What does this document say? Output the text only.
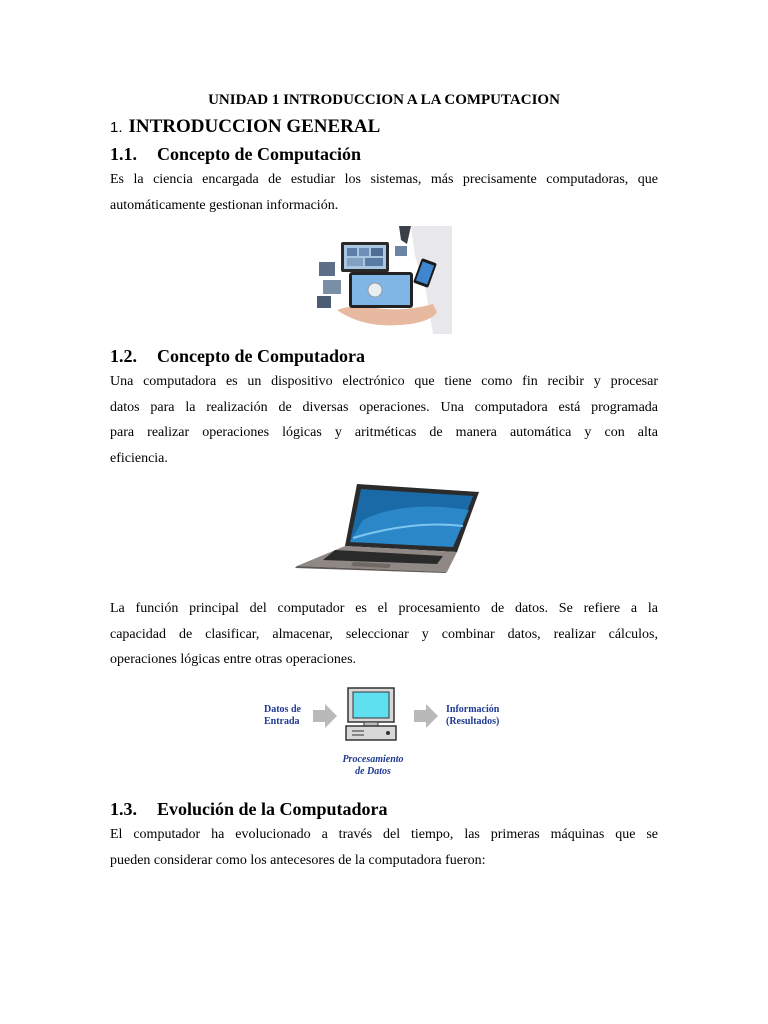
UNIDAD 1 INTRODUCCION A LA COMPUTACION
1. INTRODUCCION GENERAL
1.1. Concepto de Computación
Es la ciencia encargada de estudiar los sistemas, más precisamente computadoras, que
automáticamente gestionan información.
1.2. Concepto de Computadora
Una computadora es un dispositivo electrónico que tiene como fin recibir y procesar
datos para la realización de diversas operaciones. Una computadora está programada
para realizar operaciones lógicas y aritméticas de manera automática y con alta
eficiencia.
La función principal del computador es el procesamiento de datos. Se refiere a la
capacidad de clasificar, almacenar, seleccionar y combinar datos, realizar cálculos,
operaciones lógicas entre otras operaciones.
Datos de
Entrada
Información
(Resultados)
Procesamiento
de Datos
1.3. Evolución de la Computadora
El computador ha evolucionado a través del tiempo, las primeras máquinas que se
pueden considerar como los antecesores de la computadora fueron:
